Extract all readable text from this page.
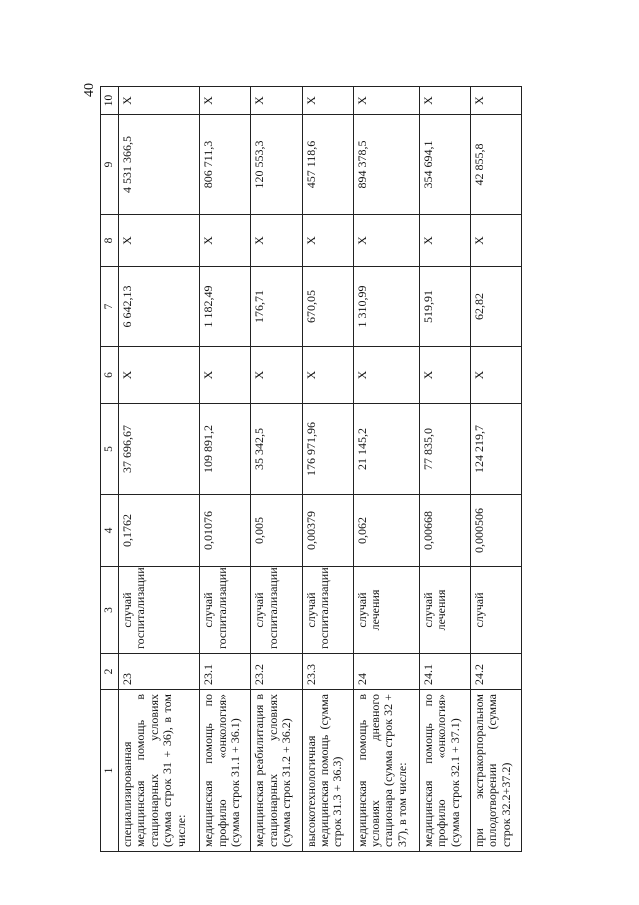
40
1	2	3	4	5	6	7	8	9	10
специализированная медицинская помощь в стационарных условиях (сумма строк 31 + 36), в том числе:	23	случай госпитализации	0,1762	37 696,67	Х	6 642,13	Х	4 531 366,5	Х
медицинская помощь по профилю «онкология» (сумма строк 31.1 + 36.1)	23.1	случай госпитализации	0,01076	109 891,2	Х	1 182,49	Х	806 711,3	Х
медицинская реабилитация в стационарных условиях (сумма строк 31.2 + 36.2)	23.2	случай госпитализации	0,005	35 342,5	Х	176,71	Х	120 553,3	Х
высокотехнологичная медицинская помощь (сумма строк 31.3 + 36.3)	23.3	случай госпитализации	0,00379	176 971,96	Х	670,05	Х	457 118,6	Х
медицинская помощь в условиях дневного стационара (сумма строк 32 + 37), в том числе:	24	случай лечения	0,062	21 145,2	Х	1 310,99	Х	894 378,5	Х
медицинская помощь по профилю «онкология» (сумма строк 32.1 + 37.1)	24.1	случай лечения	0,00668	77 835,0	Х	519,91	Х	354 694,1	Х
при экстракорпоральном оплодотворении (сумма строк 32.2+37.2)	24.2	случай	0,000506	124 219,7	Х	62,82	Х	42 855,8	Х
